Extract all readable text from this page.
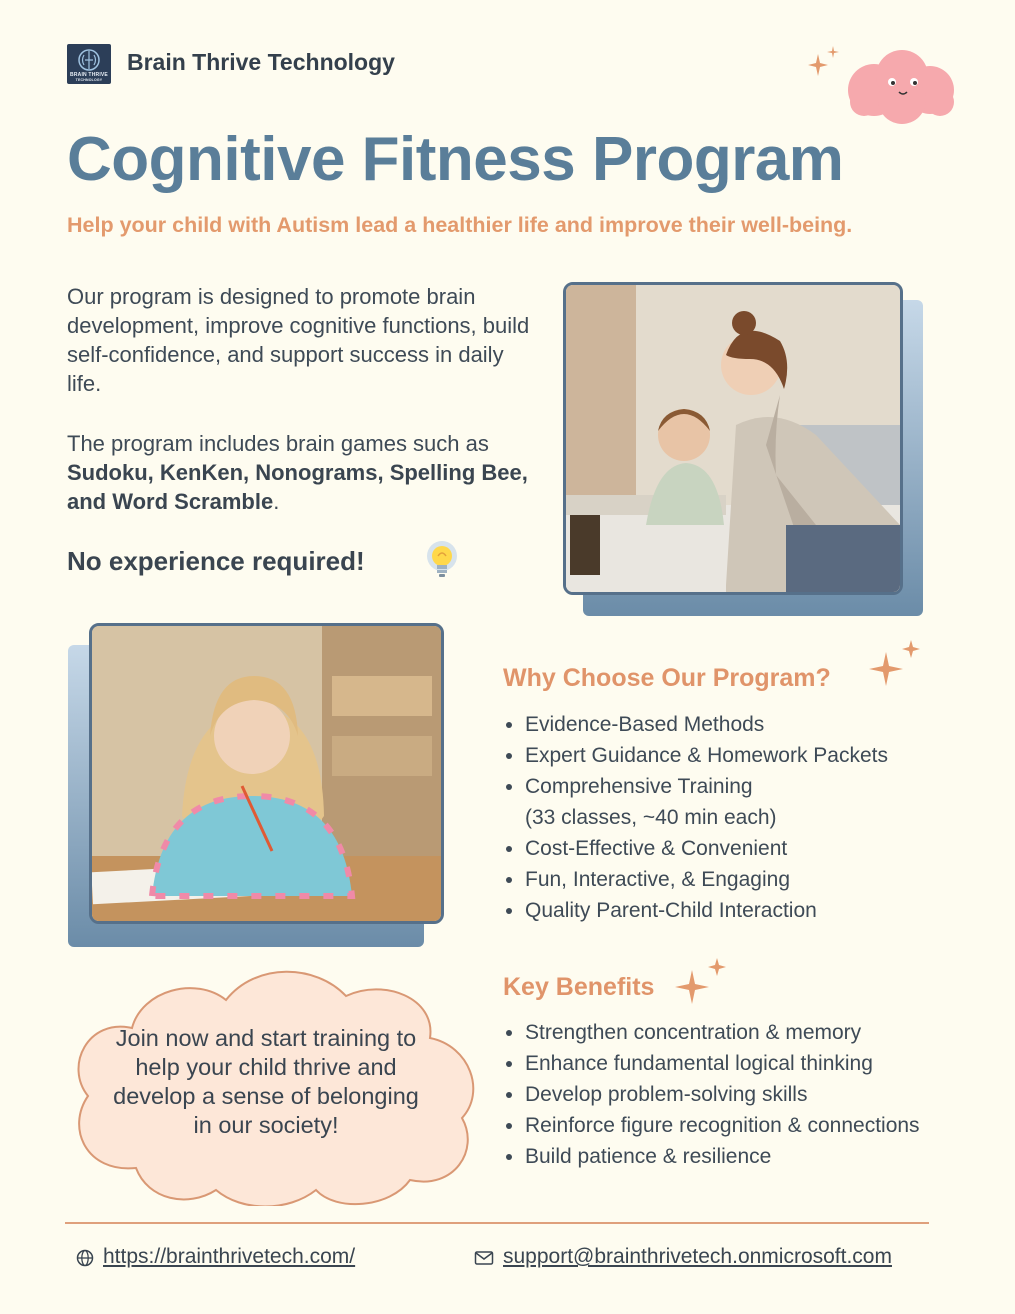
BRAIN THRIVE
TECHNOLOGY
Brain Thrive Technology
Cognitive Fitness Program
Help your child with Autism lead a healthier life and improve their well-being.
Our program is designed to promote brain development, improve cognitive functions, build self-confidence, and support success in daily life.
The program includes brain games such as Sudoku, KenKen, Nonograms, Spelling Bee, and Word Scramble.
No experience required!
Why Choose Our Program?
Evidence-Based Methods
Expert Guidance & Homework Packets
Comprehensive Training
(33 classes, ~40 min each)
Cost-Effective & Convenient
Fun, Interactive, & Engaging
Quality Parent-Child Interaction
Key Benefits
Strengthen concentration & memory
Enhance fundamental logical thinking
Develop problem-solving skills
Reinforce figure recognition & connections
Build patience & resilience
Join now and start training to help your child thrive and develop a sense of belonging in our society!
https://brainthrivetech.com/	support@brainthrivetech.onmicrosoft.com
